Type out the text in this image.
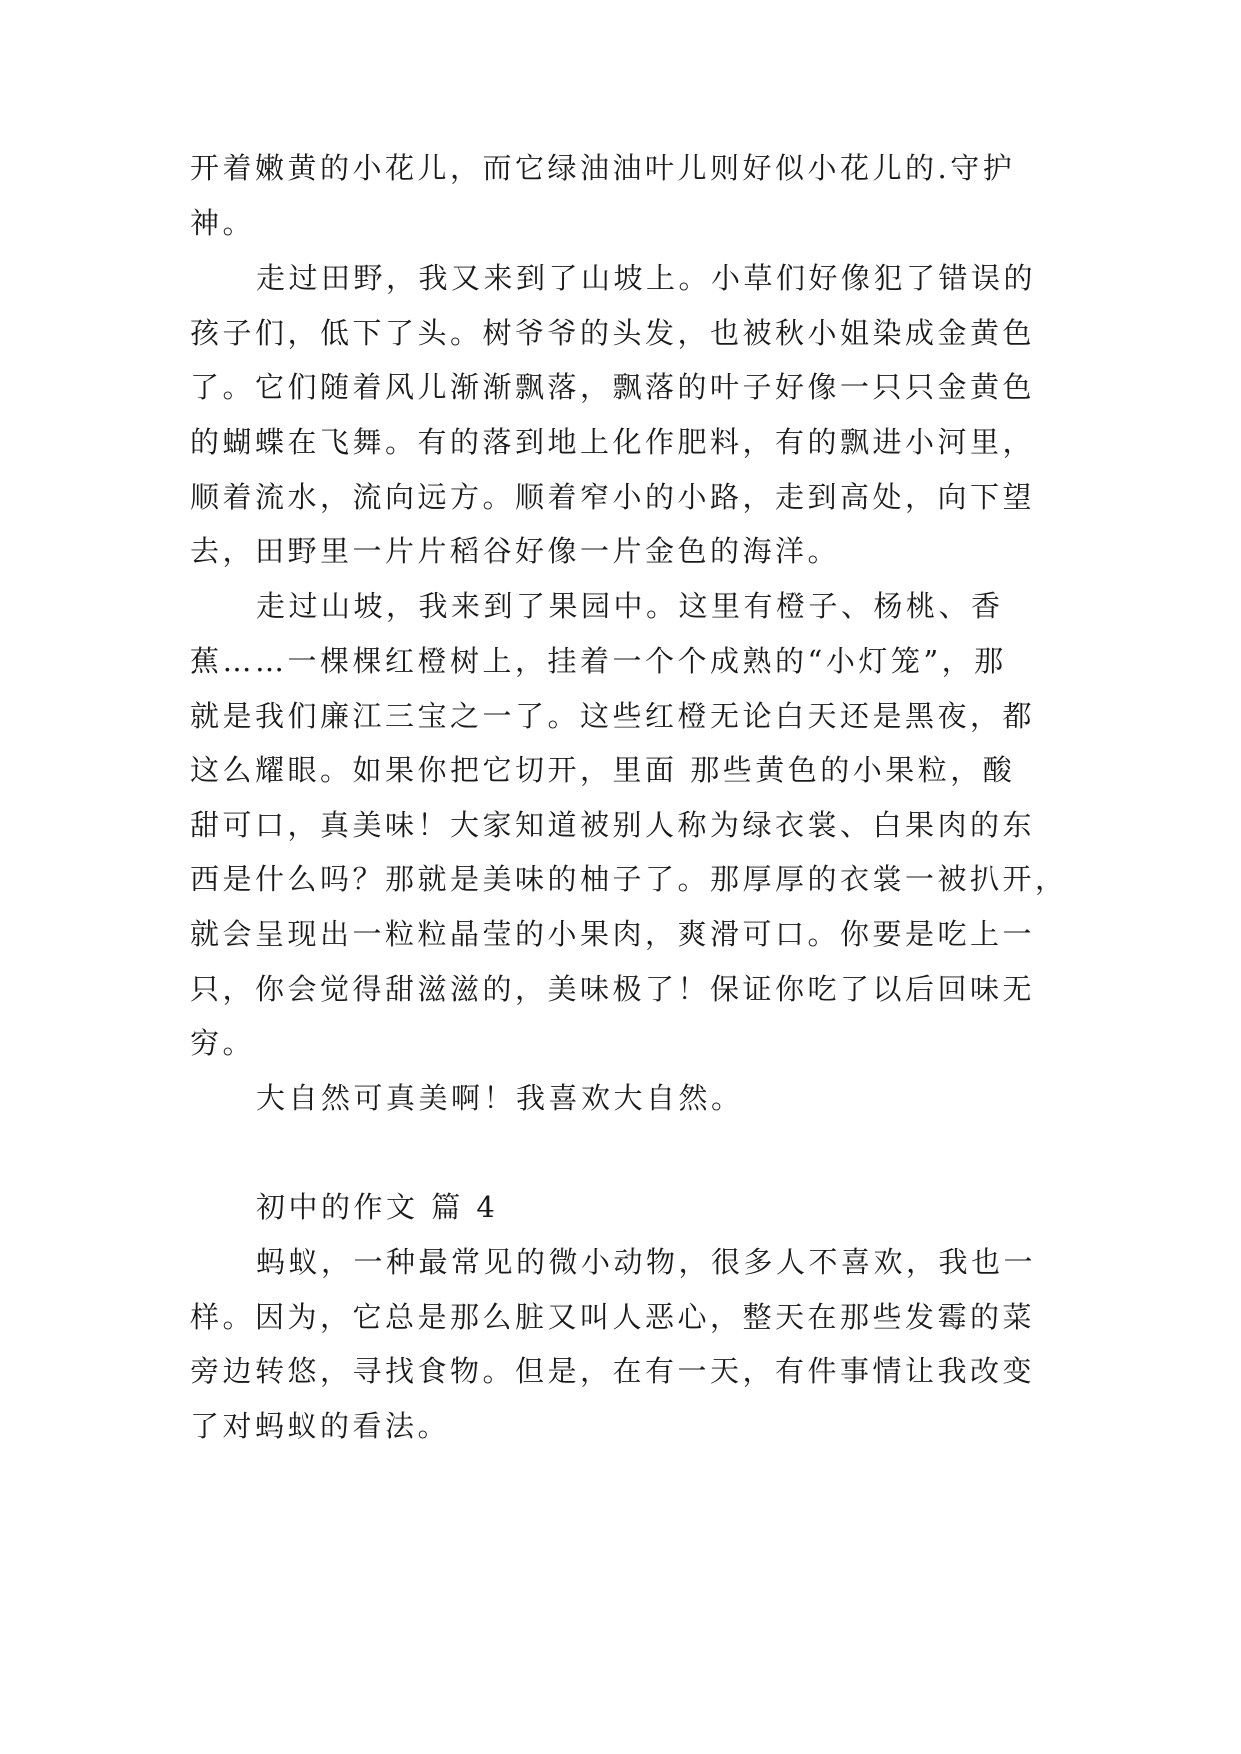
开着嫩黄的小花儿，而它绿油油叶儿则好似小花儿的.守护
神。
走过田野，我又来到了山坡上。小草们好像犯了错误的
孩子们，低下了头。树爷爷的头发，也被秋小姐染成金黄色
了。它们随着风儿渐渐飘落，飘落的叶子好像一只只金黄色
的蝴蝶在飞舞。有的落到地上化作肥料，有的飘进小河里，
顺着流水，流向远方。顺着窄小的小路，走到高处，向下望
去，田野里一片片稻谷好像一片金色的海洋。
走过山坡，我来到了果园中。这里有橙子、杨桃、香
蕉……一棵棵红橙树上，挂着一个个成熟的“小灯笼”，那
就是我们廉江三宝之一了。这些红橙无论白天还是黑夜，都
这么耀眼。如果你把它切开，里面 那些黄色的小果粒，酸
甜可口，真美味！大家知道被别人称为绿衣裳、白果肉的东
西是什么吗？那就是美味的柚子了。那厚厚的衣裳一被扒开，
就会呈现出一粒粒晶莹的小果肉，爽滑可口。你要是吃上一
只，你会觉得甜滋滋的，美味极了！保证你吃了以后回味无
穷。
大自然可真美啊！我喜欢大自然。
初中的作文 篇 4
蚂蚁，一种最常见的微小动物，很多人不喜欢，我也一
样。因为，它总是那么脏又叫人恶心，整天在那些发霉的菜
旁边转悠，寻找食物。但是，在有一天，有件事情让我改变
了对蚂蚁的看法。
